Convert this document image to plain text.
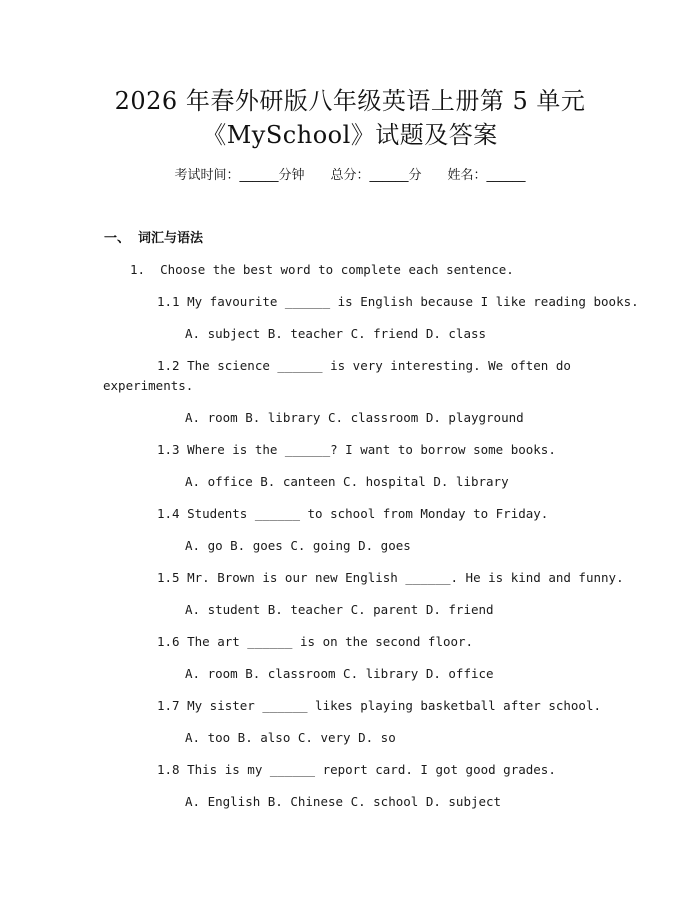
2026 年春外研版八年级英语上册第 5 单元
《MySchool》试题及答案
考试时间：______分钟 总分：______分 姓名：______
一、 词汇与语法
1.  Choose the best word to complete each sentence.
1.1 My favourite ______ is English because I like reading books.
A. subject B. teacher C. friend D. class
1.2 The science ______ is very interesting. We often do
experiments.
A. room B. library C. classroom D. playground
1.3 Where is the ______? I want to borrow some books.
A. office B. canteen C. hospital D. library
1.4 Students ______ to school from Monday to Friday.
A. go B. goes C. going D. goes
1.5 Mr. Brown is our new English ______. He is kind and funny.
A. student B. teacher C. parent D. friend
1.6 The art ______ is on the second floor.
A. room B. classroom C. library D. office
1.7 My sister ______ likes playing basketball after school.
A. too B. also C. very D. so
1.8 This is my ______ report card. I got good grades.
A. English B. Chinese C. school D. subject
